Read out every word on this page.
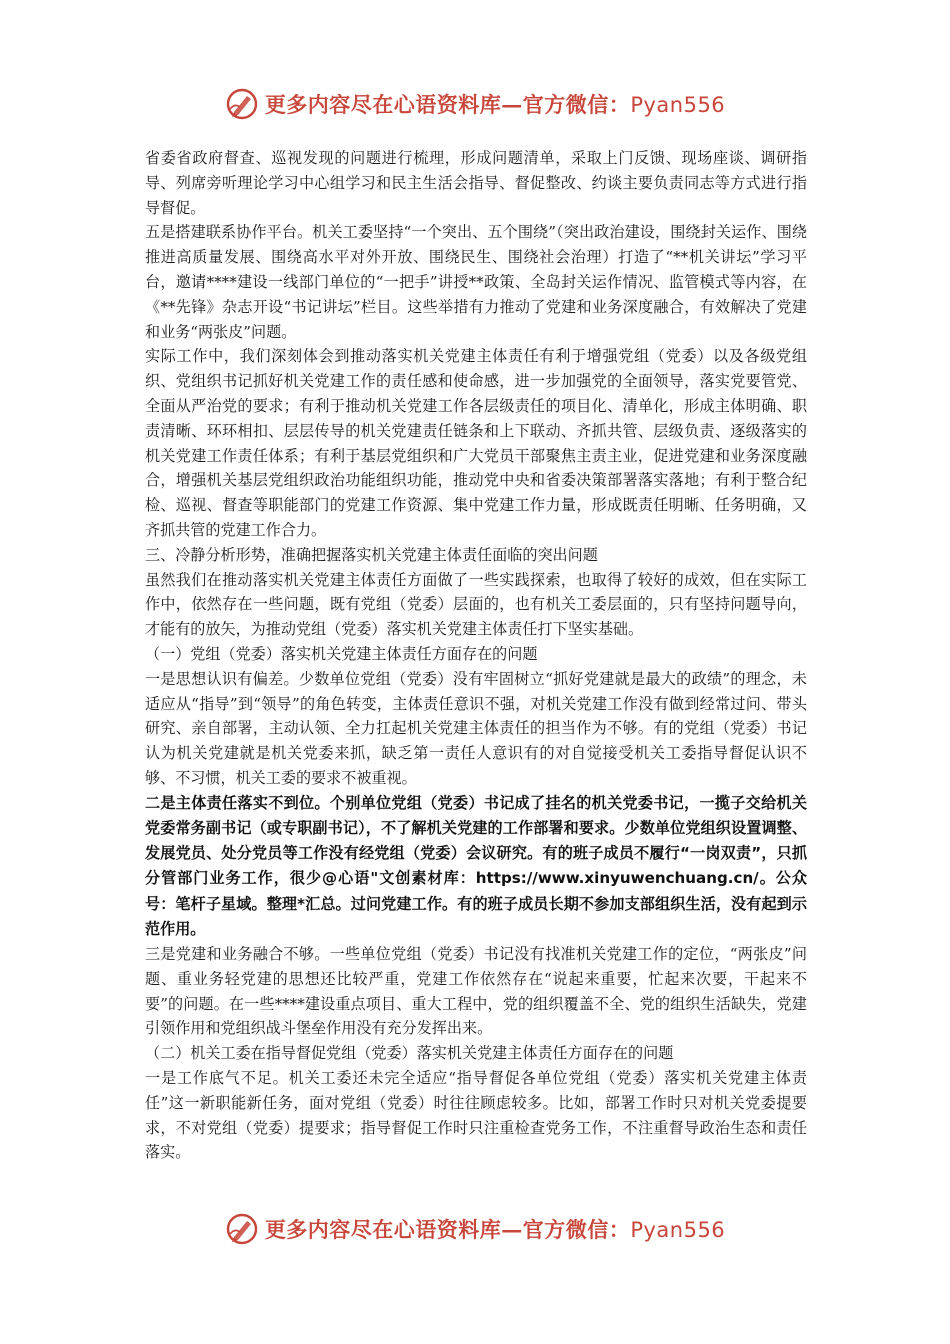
更多内容尽在心语资料库—官方微信：Pyan556

省委省政府督查、巡视发现的问题进行梳理，形成问题清单，采取上门反馈、现场座谈、调研指导、列席旁听理论学习中心组学习和民主生活会指导、督促整改、约谈主要负责同志等方式进行指导督促。

五是搭建联系协作平台。机关工委坚持“一个突出、五个围绕”（突出政治建设，围绕封关运作、围绕推进高质量发展、围绕高水平对外开放、围绕民生、围绕社会治理）打造了“**机关讲坛”学习平台，邀请****建设一线部门单位的“一把手”讲授**政策、全岛封关运作情况、监管模式等内容，在《**先锋》杂志开设“书记讲坛”栏目。这些举措有力推动了党建和业务深度融合，有效解决了党建和业务“两张皮”问题。

实际工作中，我们深刻体会到推动落实机关党建主体责任有利于增强党组（党委）以及各级党组织、党组织书记抓好机关党建工作的责任感和使命感，进一步加强党的全面领导，落实党要管党、全面从严治党的要求；有利于推动机关党建工作各层级责任的项目化、清单化，形成主体明确、职责清晰、环环相扣、层层传导的机关党建责任链条和上下联动、齐抓共管、层级负责、逐级落实的机关党建工作责任体系；有利于基层党组织和广大党员干部聚焦主责主业，促进党建和业务深度融合，增强机关基层党组织政治功能组织功能，推动党中央和省委决策部署落实落地；有利于整合纪检、巡视、督查等职能部门的党建工作资源、集中党建工作力量，形成既责任明晰、任务明确，又齐抓共管的党建工作合力。

三、冷静分析形势，准确把握落实机关党建主体责任面临的突出问题

虽然我们在推动落实机关党建主体责任方面做了一些实践探索，也取得了较好的成效，但在实际工作中，依然存在一些问题，既有党组（党委）层面的，也有机关工委层面的，只有坚持问题导向，才能有的放矢，为推动党组（党委）落实机关党建主体责任打下坚实基础。

（一）党组（党委）落实机关党建主体责任方面存在的问题

一是思想认识有偏差。少数单位党组（党委）没有牢固树立“抓好党建就是最大的政绩”的理念，未适应从“指导”到“领导”的角色转变，主体责任意识不强，对机关党建工作没有做到经常过问、带头研究、亲自部署，主动认领、全力扛起机关党建主体责任的担当作为不够。有的党组（党委）书记认为机关党建就是机关党委来抓，缺乏第一责任人意识有的对自觉接受机关工委指导督促认识不够、不习惯，机关工委的要求不被重视。

二是主体责任落实不到位。个别单位党组（党委）书记成了挂名的机关党委书记，一揽子交给机关党委常务副书记（或专职副书记），不了解机关党建的工作部署和要求。少数单位党组织设置调整、发展党员、处分党员等工作没有经党组（党委）会议研究。有的班子成员不履行“一岗双责”，只抓分管部门业务工作，很少@心语"文创素材库：https://www.xinyuwenchuang.cn/。公众号：笔杆子星域。整理*汇总。过问党建工作。有的班子成员长期不参加支部组织生活，没有起到示范作用。

三是党建和业务融合不够。一些单位党组（党委）书记没有找准机关党建工作的定位，“两张皮”问题、重业务轻党建的思想还比较严重，党建工作依然存在“说起来重要，忙起来次要，干起来不要”的问题。在一些****建设重点项目、重大工程中，党的组织覆盖不全、党的组织生活缺失，党建引领作用和党组织战斗堡垒作用没有充分发挥出来。

（二）机关工委在指导督促党组（党委）落实机关党建主体责任方面存在的问题

一是工作底气不足。机关工委还未完全适应“指导督促各单位党组（党委）落实机关党建主体责任”这一新职能新任务，面对党组（党委）时往往顾虑较多。比如，部署工作时只对机关党委提要求，不对党组（党委）提要求；指导督促工作时只注重检查党务工作，不注重督导政治生态和责任落实。

更多内容尽在心语资料库—官方微信：Pyan556
